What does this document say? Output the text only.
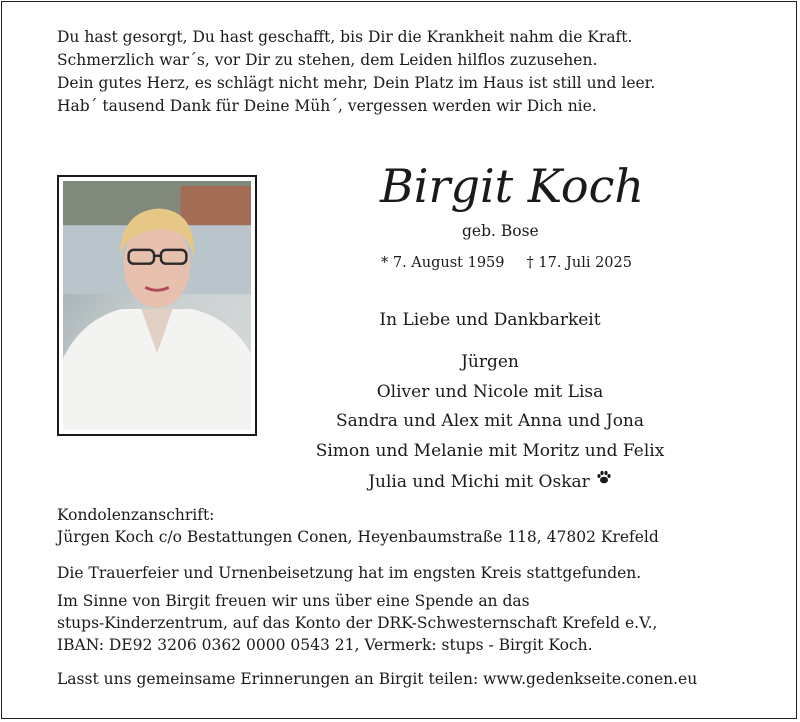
Du hast gesorgt, Du hast geschafft, bis Dir die Krankheit nahm die Kraft.
Schmerzlich war´s, vor Dir zu stehen, dem Leiden hilflos zuzusehen.
Dein gutes Herz, es schlägt nicht mehr, Dein Platz im Haus ist still und leer.
Hab´ tausend Dank für Deine Müh´, vergessen werden wir Dich nie.
Birgit Koch
geb. Bose
* 7. August 1959 † 17. Juli 2025
In Liebe und Dankbarkeit
Jürgen
Oliver und Nicole mit Lisa
Sandra und Alex mit Anna und Jona
Simon und Melanie mit Moritz und Felix
Julia und Michi mit Oskar
Kondolenzanschrift:
Jürgen Koch c/o Bestattungen Conen, Heyenbaumstraße 118, 47802 Krefeld
Die Trauerfeier und Urnenbeisetzung hat im engsten Kreis stattgefunden.
Im Sinne von Birgit freuen wir uns über eine Spende an das
stups-Kinderzentrum, auf das Konto der DRK-Schwesternschaft Krefeld e.V.,
IBAN: DE92 3206 0362 0000 0543 21, Vermerk: stups - Birgit Koch.
Lasst uns gemeinsame Erinnerungen an Birgit teilen: www.gedenkseite.conen.eu
